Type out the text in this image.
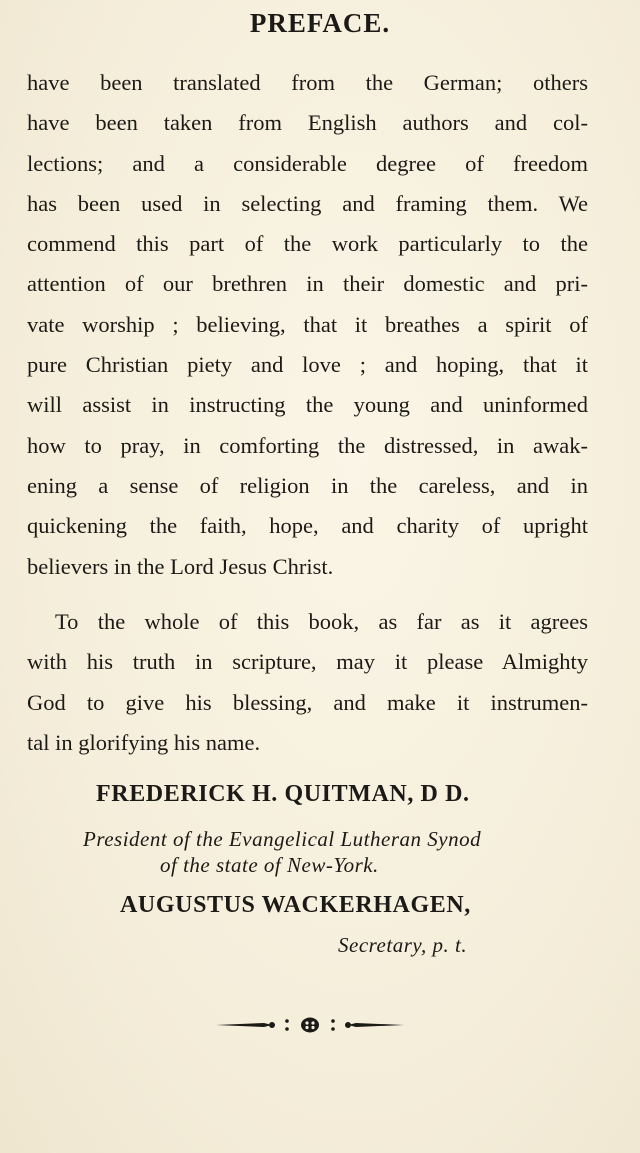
PREFACE.
have been translated from the German; others
have been taken from English authors and col-
lections; and a considerable degree of freedom
has been used in selecting and framing them. We
commend this part of the work particularly to the
attention of our brethren in their domestic and pri-
vate worship ; believing, that it breathes a spirit of
pure Christian piety and love ; and hoping, that it
will assist in instructing the young and uninformed
how to pray, in comforting the distressed, in awak-
ening a sense of religion in the careless, and in
quickening the faith, hope, and charity of upright
believers in the Lord Jesus Christ.
To the whole of this book, as far as it agrees
with his truth in scripture, may it please Almighty
God to give his blessing, and make it instrumen-
tal in glorifying his name.
FREDERICK H. QUITMAN, D D.
President of the Evangelical Lutheran Synod
of the state of New-York.
AUGUSTUS WACKERHAGEN,
Secretary, p. t.
